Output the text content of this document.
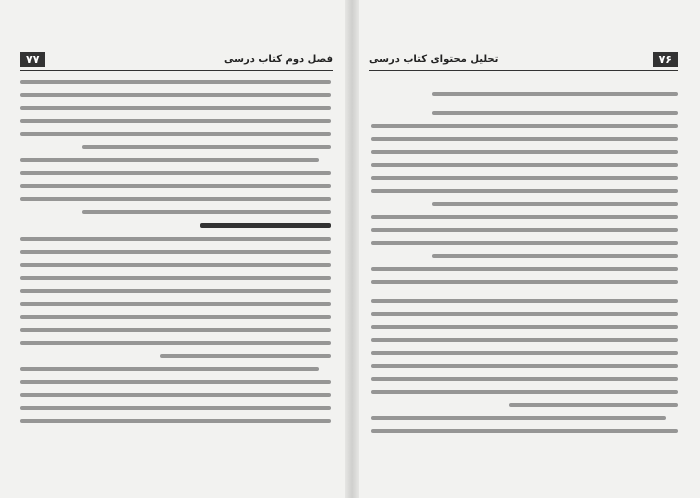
فصل دوم کتاب درسی
۷۷	۷۶
تحلیل محتوای کتاب درسی
